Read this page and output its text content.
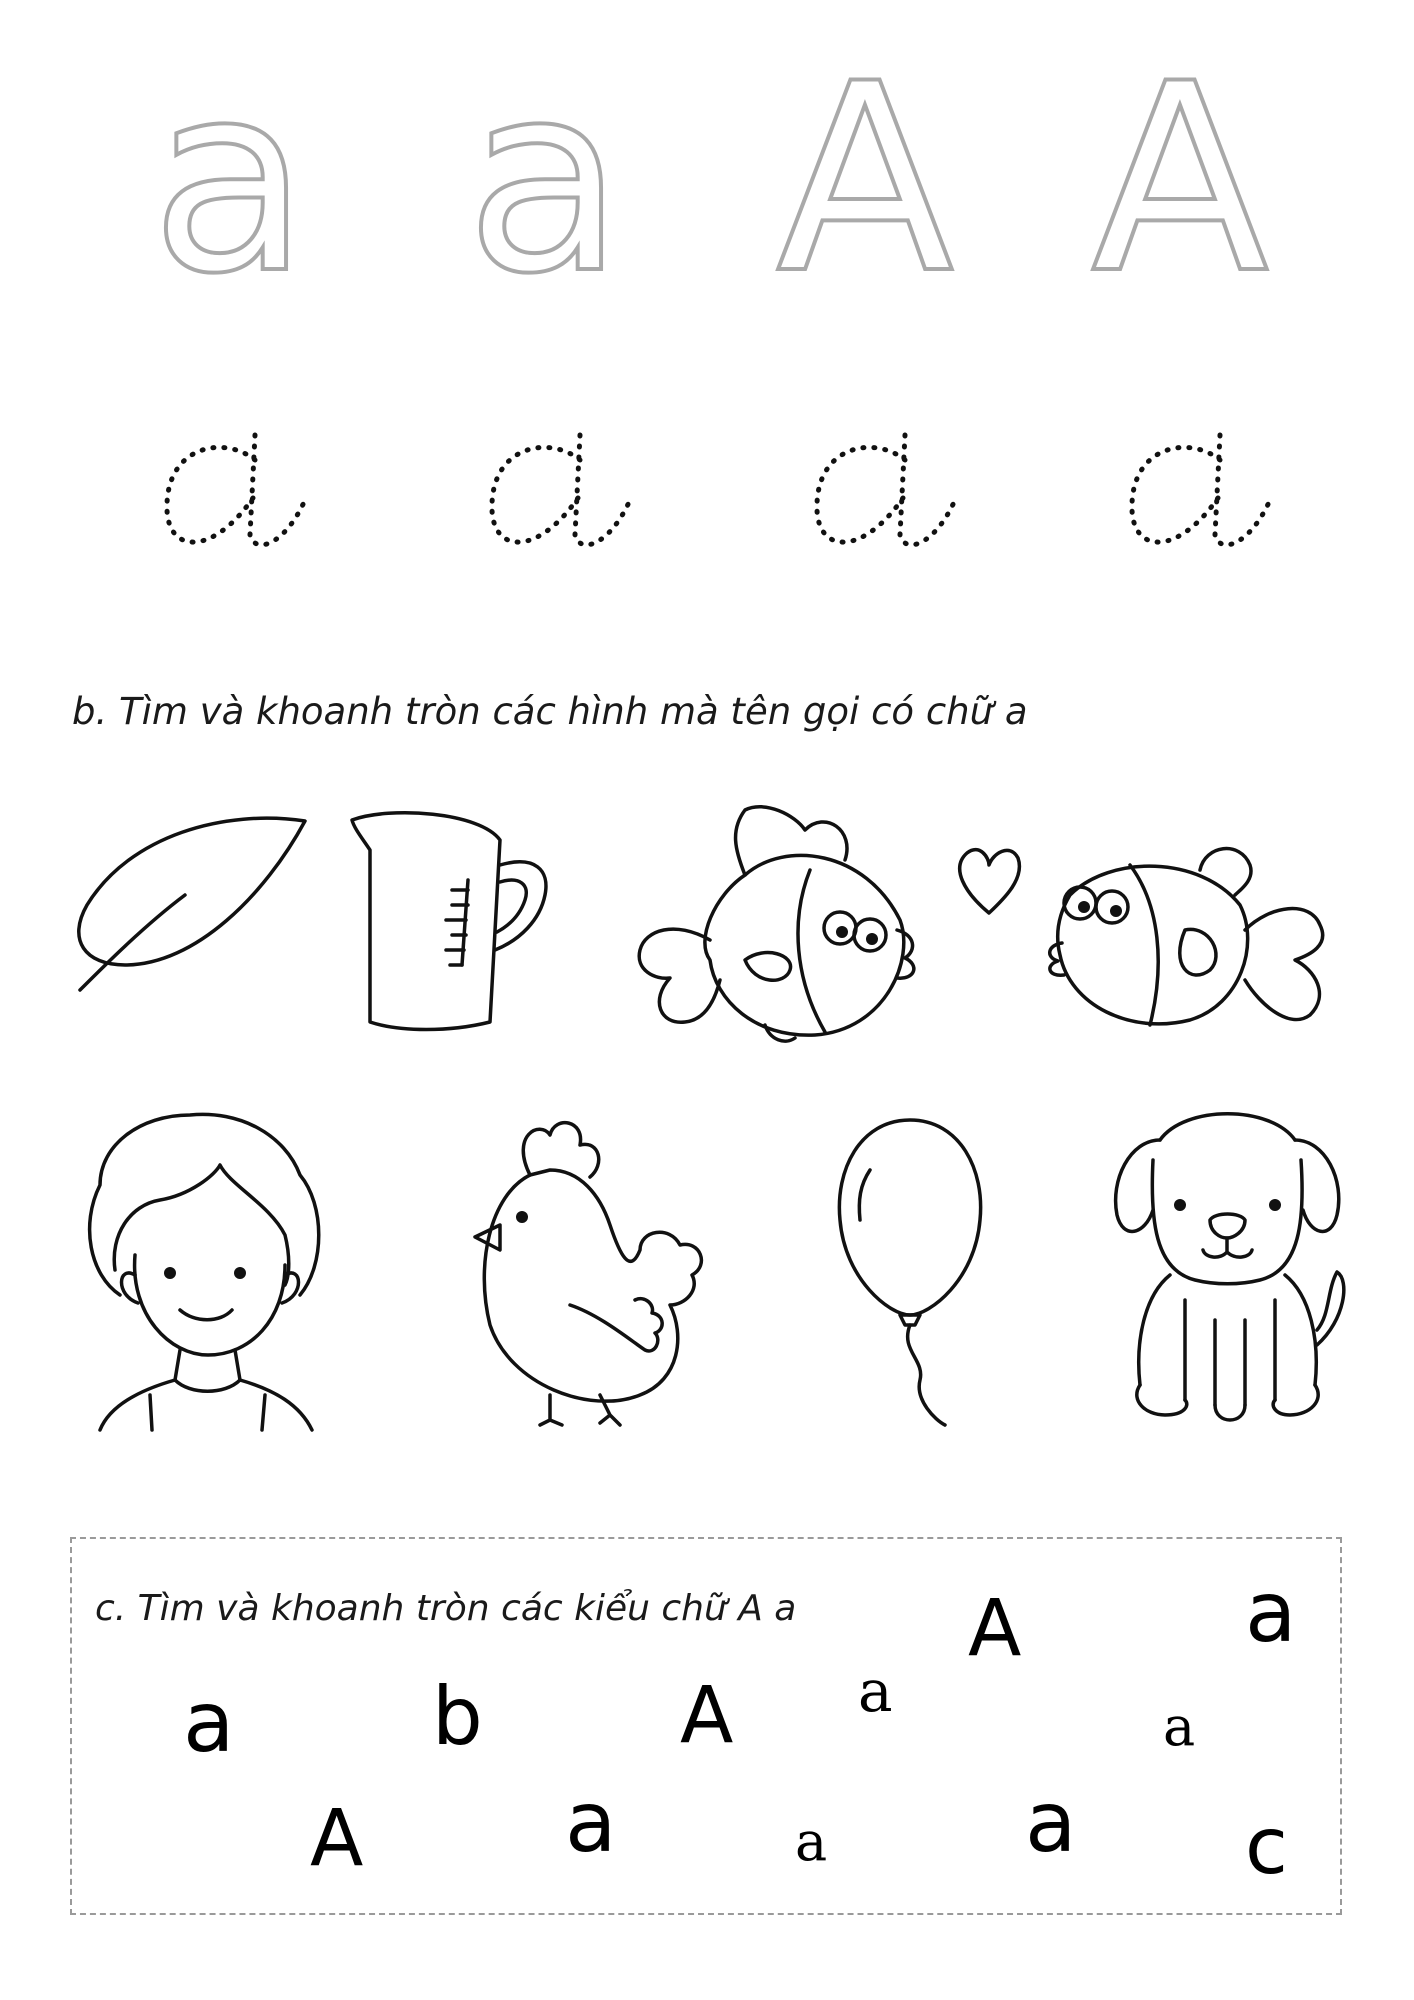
a a A A
b. Tìm và khoanh tròn các hình mà tên gọi có chữ a
c. Tìm và khoanh tròn các kiểu chữ A a A	a
a b	A a
a
A a	a a c
